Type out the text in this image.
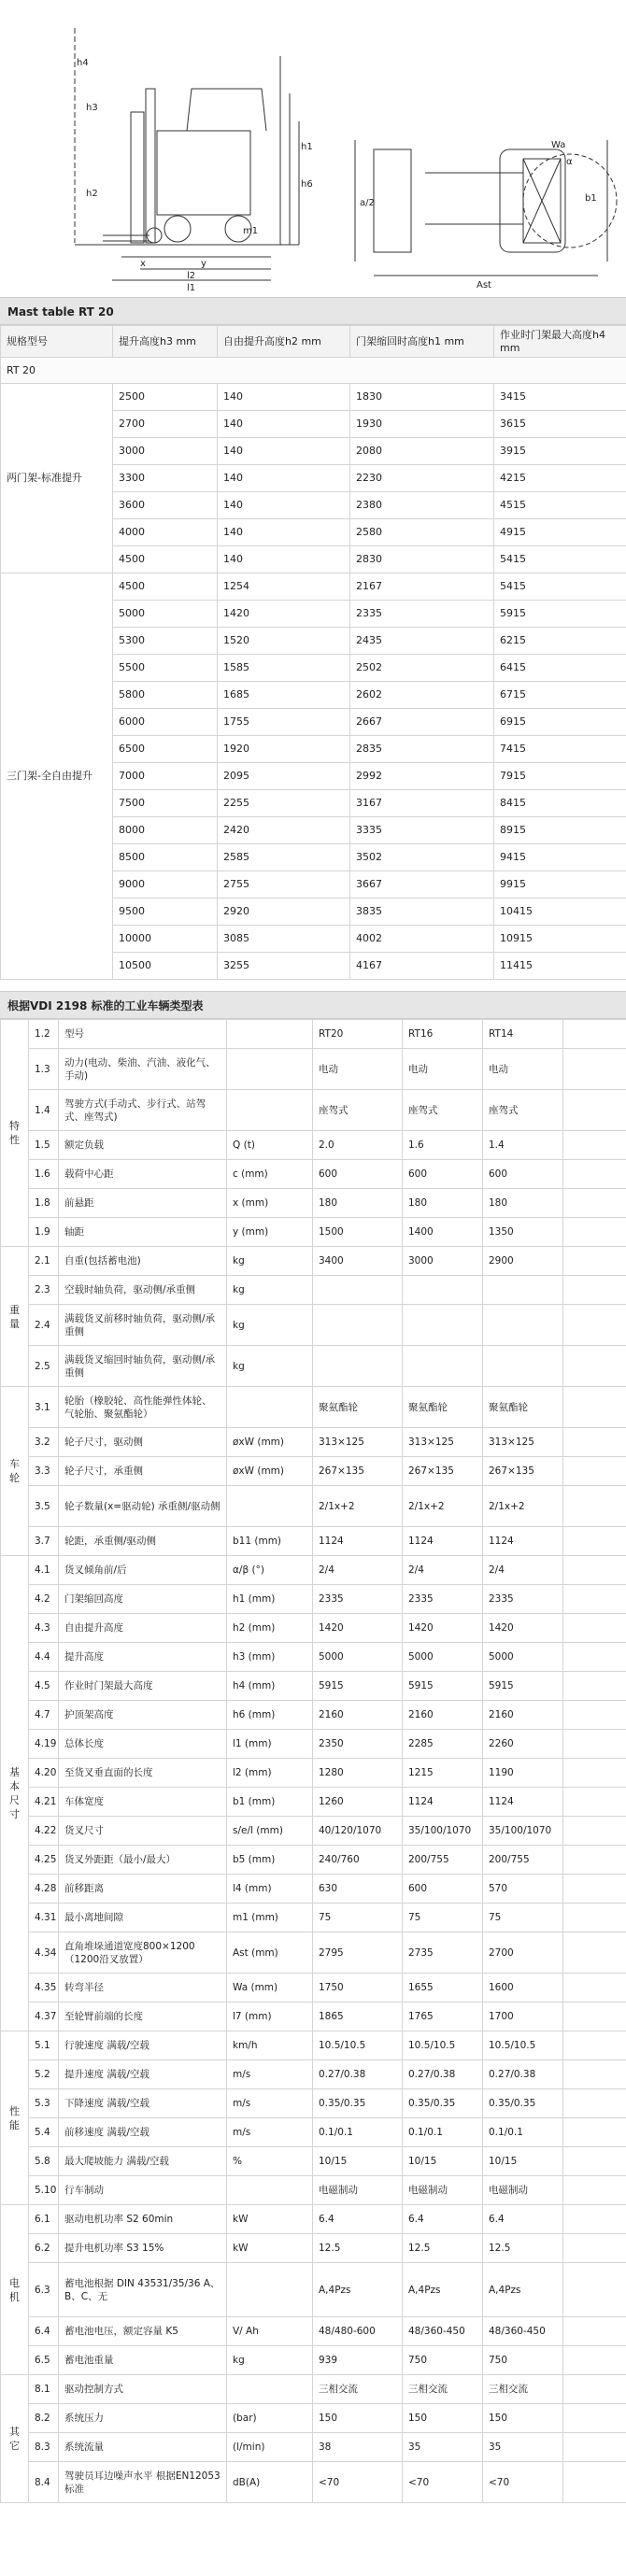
h4
h3
h1
h6
h2
x	y
l2
l1
m1
b1
Wa
Ast
a/2
α
Mast table RT 20
规格型号	提升高度h3 mm	自由提升高度h2 mm	门架缩回时高度h1 mm	作业时门架最大高度h4 mm
RT 20				
两门架-标准提升	2500	140	1830	3415
	2700	140	1930	3615
	3000	140	2080	3915
	3300	140	2230	4215
	3600	140	2380	4515
	4000	140	2580	4915
	4500	140	2830	5415
三门架-全自由提升	4500	1254	2167	5415
	5000	1420	2335	5915
	5300	1520	2435	6215
	5500	1585	2502	6415
	5800	1685	2602	6715
	6000	1755	2667	6915
	6500	1920	2835	7415
	7000	2095	2992	7915
	7500	2255	3167	8415
	8000	2420	3335	8915
	8500	2585	3502	9415
	9000	2755	3667	9915
	9500	2920	3835	10415
	10000	3085	4002	10915
	10500	3255	4167	11415
根据VDI 2198 标准的工业车辆类型表
特性	1.2	型号		RT20	RT16	RT14	
	1.3	动力(电动、柴油、汽油、液化气、手动)		电动	电动	电动	
	1.4	驾驶方式(手动式、步行式、站驾式、座驾式)		座驾式	座驾式	座驾式	
	1.5	额定负载	Q (t)	2.0	1.6	1.4	
	1.6	载荷中心距	c (mm)	600	600	600	
	1.8	前悬距	x (mm)	180	180	180	
	1.9	轴距	y (mm)	1500	1400	1350	

重量	2.1	自重(包括蓄电池)	kg	3400	3000	2900	
	2.3	空载时轴负荷，驱动侧/承重侧	kg				
	2.4	满载货叉前移时轴负荷，驱动侧/承重侧	kg				
	2.5	满载货叉缩回时轴负荷，驱动侧/承重侧	kg				

车轮	3.1	轮胎（橡胶轮、高性能弹性体轮、气轮胎、聚氨酯轮）		聚氨酯轮	聚氨酯轮	聚氨酯轮	
	3.2	轮子尺寸，驱动侧	øxW (mm)	313×125	313×125	313×125	
	3.3	轮子尺寸，承重侧	øxW (mm)	267×135	267×135	267×135	
	3.5	轮子数量(x=驱动轮) 承重侧/驱动侧		2/1x+2	2/1x+2	2/1x+2	
	3.7	轮距，承重侧/驱动侧	b11 (mm)	1124	1124	1124	

基本尺寸	4.1	货叉倾角前/后	α/β (°)	2/4	2/4	2/4	
	4.2	门架缩回高度	h1 (mm)	2335	2335	2335	
	4.3	自由提升高度	h2 (mm)	1420	1420	1420	
	4.4	提升高度	h3 (mm)	5000	5000	5000	
	4.5	作业时门架最大高度	h4 (mm)	5915	5915	5915	
	4.7	护顶架高度	h6 (mm)	2160	2160	2160	
	4.19	总体长度	l1 (mm)	2350	2285	2260	
	4.20	至货叉垂直面的长度	l2 (mm)	1280	1215	1190	
	4.21	车体宽度	b1 (mm)	1260	1124	1124	
	4.22	货叉尺寸	s/e/l (mm)	40/120/1070	35/100/1070	35/100/1070	
	4.25	货叉外距距（最小/最大）	b5 (mm)	240/760	200/755	200/755	
	4.28	前移距离	l4 (mm)	630	600	570	
	4.31	最小离地间隙	m1 (mm)	75	75	75	
	4.34	直角堆垛通道宽度800×1200（1200沿叉放置）	Ast (mm)	2795	2735	2700	
	4.35	转弯半径	Wa (mm)	1750	1655	1600	
	4.37	至轮臂前端的长度	l7 (mm)	1865	1765	1700	

性能	5.1	行驶速度 满载/空载	km/h	10.5/10.5	10.5/10.5	10.5/10.5	
	5.2	提升速度 满载/空载	m/s	0.27/0.38	0.27/0.38	0.27/0.38	
	5.3	下降速度 满载/空载	m/s	0.35/0.35	0.35/0.35	0.35/0.35	
	5.4	前移速度 满载/空载	m/s	0.1/0.1	0.1/0.1	0.1/0.1	
	5.8	最大爬坡能力 满载/空载	%	10/15	10/15	10/15	
	5.10	行车制动		电磁制动	电磁制动	电磁制动	

电机	6.1	驱动电机功率 S2 60min	kW	6.4	6.4	6.4	
	6.2	提升电机功率 S3 15%	kW	12.5	12.5	12.5	
	6.3	蓄电池根据 DIN 43531/35/36 A、B、C、无		A,4Pzs	A,4Pzs	A,4Pzs	
	6.4	蓄电池电压，额定容量 K5	V/ Ah	48/480-600	48/360-450	48/360-450	
	6.5	蓄电池重量	kg	939	750	750	

其它	8.1	驱动控制方式		三相交流	三相交流	三相交流	
	8.2	系统压力	(bar)	150	150	150	
	8.3	系统流量	(l/min)	38	35	35	
	8.4	驾驶员耳边噪声水平 根据EN12053标准	dB(A)	<70	<70	<70	
